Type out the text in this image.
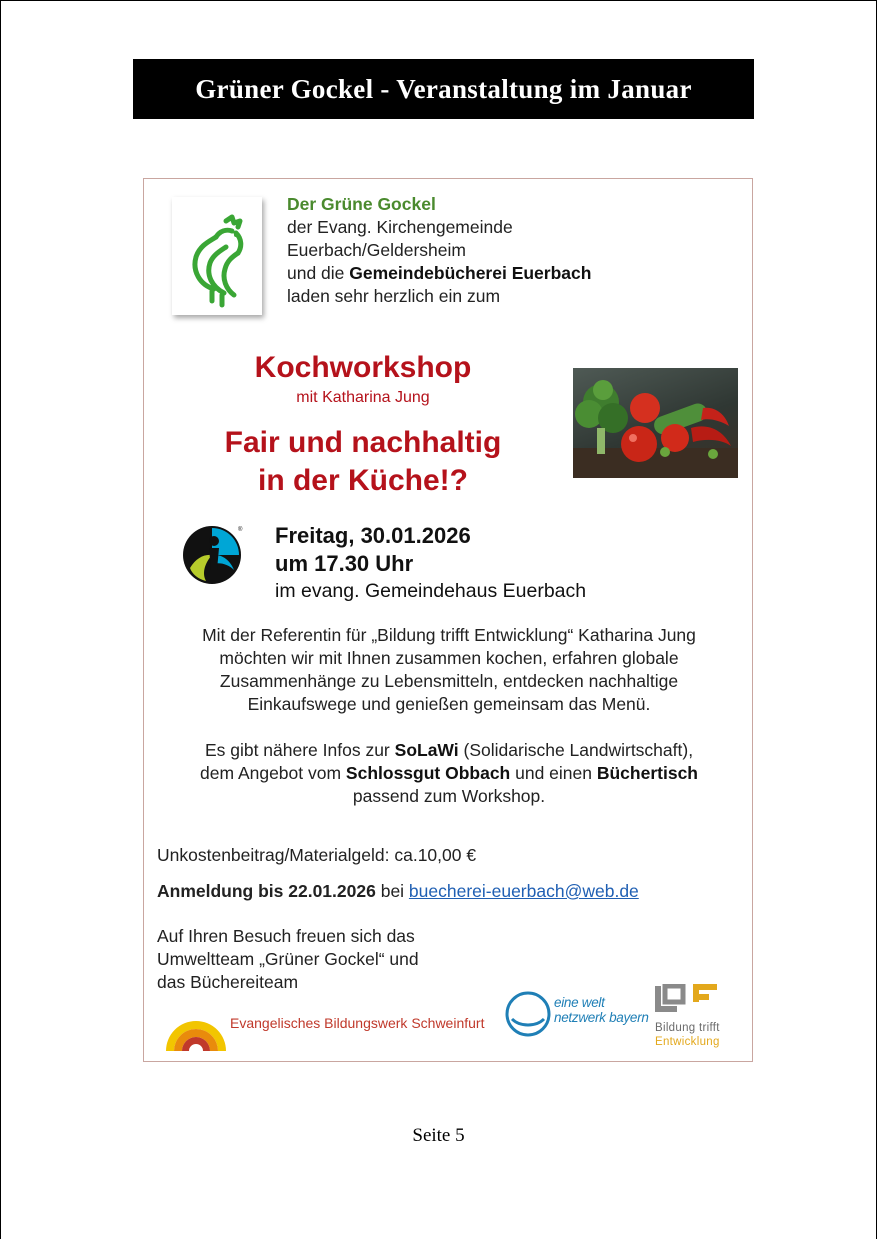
Grüner Gockel - Veranstaltung im Januar
Der Grüne Gockel
der Evang. Kirchengemeinde
Euerbach/Geldersheim
und die Gemeindebücherei Euerbach
laden sehr herzlich ein zum
Kochworkshop
mit Katharina Jung
Fair und nachhaltig
in der Küche!?
® Freitag, 30.01.2026
um 17.30 Uhr
im evang. Gemeindehaus Euerbach
Mit der Referentin für „Bildung trifft Entwicklung“ Katharina Jung
möchten wir mit Ihnen zusammen kochen, erfahren globale
Zusammenhänge zu Lebensmitteln, entdecken nachhaltige
Einkaufswege und genießen gemeinsam das Menü.
Es gibt nähere Infos zur SoLaWi (Solidarische Landwirtschaft),
dem Angebot vom Schlossgut Obbach und einen Büchertisch
passend zum Workshop.
Unkostenbeitrag/Materialgeld: ca.10,00 €
Anmeldung bis 22.01.2026 bei buecherei-euerbach@web.de
Auf Ihren Besuch freuen sich das
Umweltteam „Grüner Gockel“ und
das Büchereiteam
Evangelisches Bildungswerk Schweinfurt
eine welt
netzwerk bayern
Bildung trifft
Entwicklung
Seite 5
